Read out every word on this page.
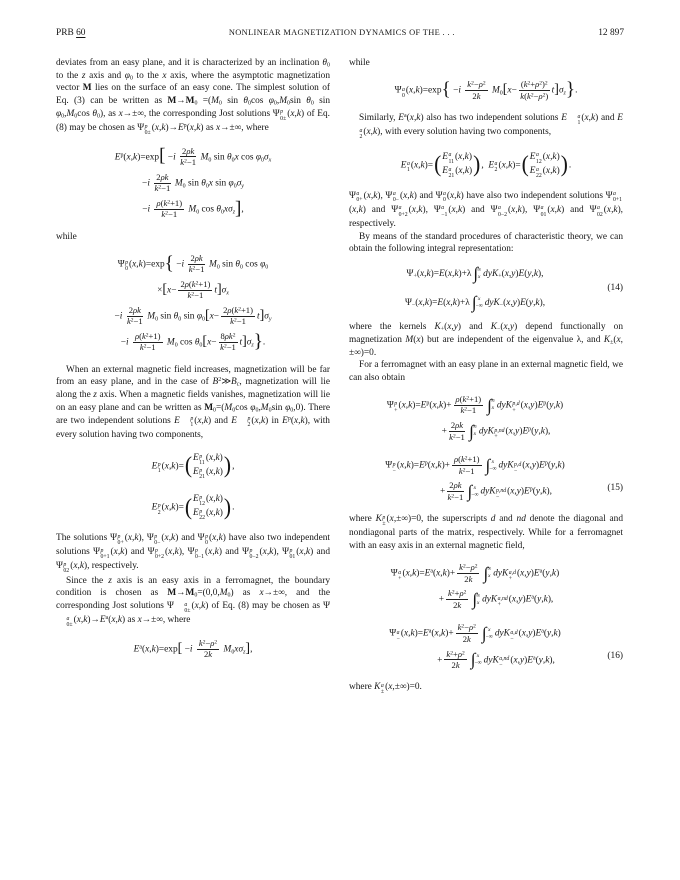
PRB 60	NONLINEAR MAGNETIZATION DYNAMICS OF THE . . .	12 897

deviates from an easy plane, and it is characterized by an inclination $\theta_0$ to the z axis and $\varphi_0$ to the x axis, where the asymptotic magnetization vector M lies on the surface of an easy cone. The simplest solution of Eq. (3) can be written as $M\to M_0 =(M_0$ $\sin \theta_0\cos$ $\varphi_0,M_0\sin$ $\theta_0$ $\sin \varphi_0,M_0\cos$ $\theta_0$), as x→±∞, the corresponding Jost solutions Ψ p
0± (x,k) of Eq. (8) may be chosen as Ψ p
$0\pm (x,k)\to E^p(x,k)$ as x→±∞, where

$E^p(x,k)=\exp[ -i \frac{2\rho k}{k^2-1} M_0$ $\sin \theta_0x$ $\cos \varphi_0\sigma_x$
$-i \frac{2\rho k}{k^2-1} M_0$ $\sin \theta_0x$ $\sin \varphi_0\sigma_y$
$-i \frac{\rho(k^2+1)}{k^2-1} M_0$ $\cos \theta_0x\sigma_z$],

while

Ψ p
0 $(x,k)=\exp\{ -i \frac{2\rho k}{k^2-1} M_0$ $\sin \theta_0$ $\cos \varphi_0$
$\times[x- \frac{2\rho(k^2+1)}{k^2-1} t]\sigma_x$
$-i \frac{2\rho k}{k^2-1} M_0$ $\sin \theta_0$ $\sin \varphi_0[x- \frac{2\rho(k^2+1)}{k^2-1} t]\sigma_y$
$-i \frac{\rho(k^2+1)}{k^2-1} M_0$ $\cos \theta_0[x- \frac{8\rho k^2}{k^2-1} t]\sigma_z$}.

When an external magnetic field increases, magnetization will be far from an easy plane, and in the case of $B^2≫B_c$, magnetization will lie along the z axis. When a magnetic fields vanishes, magnetization will lie on an easy plane and can be written as $M_0=(M_0\cos$ $\varphi_0,M_0\sin$ $\varphi_0,0$). There are two independent solutions E	p
1 (x,k) and E	p
2 (x,k) in $E^p(x,k)$, with every solution having two components,

E p
1 (x,k)= ( E p
11 (x,k)
E p
21 (x,k) ) ,
E p
2 (x,k)= ( E p
12 (x,k)
E p
22 (x,k) ) .

The solutions Ψ p
0+ (x,k), Ψ p
0− (x,k) and Ψ p
0 (x,k) have also two independent solutions Ψ p
0+1 (x,k) and Ψ p
0+2 (x,k), Ψ p
0−1 (x,k) and Ψ p
0−2 (x,k), Ψ p
01 (x,k) and Ψ p
02 (x,k), respectively.

Since the z axis is an easy axis in a ferromagnet, the boundary condition is chosen as $M\to M_0=(0,0,M_0)$ as x→±∞, and the corresponding Jost solutions Ψ	a
0± (x,k) of Eq. (8) may be chosen as Ψ
a
$0\pm (x,k)\to E^a(x,k)$ as x→±∞, where

$E^a(x,k)=\exp[ -i \frac{k^2-\rho^2}{2k} M_0x\sigma_z]$,

while

Ψ a
0 $(x,k)=\exp\{ -i \frac{k^2-\rho^2}{2k} M_0[x- \frac{(k^2+\rho^2)^2}{k(k^2-\rho^2)} t]\sigma_z\}$.

Similarly, $E^a(x,k)$ also has two independent solutions E	a
1 (x,k) and E
a
2 (x,k), with every solution having two components,

E a
1 (x,k)= ( E a
11 (x,k)
E a
21 (x,k) ) ,  E a
2 (x,k)= ( E a
12 (x,k)
E a
22 (x,k) ) .

Ψ a
0+ (x,k), Ψ a
0− (x,k) and Ψ a
0 (x,k) have also two independent solutions Ψ a
0+1
(x,k) and Ψ a
0+2 (x,k), Ψ a
−1 (x,k) and Ψ a
0−2 (x,k), Ψ a
01 (x,k) and Ψ a
02 (x,k), respectively.

By means of the standard procedures of characteristic theory, we can obtain the following integral representation:

$\Psi_+(x,k)=E(x,k)+\lambda$ ∫ ∞
x dyK$_+$(x,y)E(y,k),
$\Psi_-(x,k)=E(x,k)+\lambda$ ∫ x
−∞ dyK$_-$(x,y)E(y,k),
(14)

where the kernels $K_+(x,y)$ and $K_-(x,y)$ depend functionally on magnetization M(x) but are independent of the eigenvalue λ, and $K_\pm(x,\pm\infty)=0$.

For a ferromagnet with an easy plane in an external magnetic field, we can also obtain

Ψ p
+ $(x,k)=E^p(x,k)+ \frac{\rho(k^2+1)}{k^2-1}$ ∫ ∞
x dyK p,d
+ $(x,y)E^p(y,k)$
+ $\frac{2\rho k}{k^2-1}$ ∫ ∞
x dyK p,nd
+ $(x,y)E^p(y,k)$,
Ψ p
− $(x,k)=E^p(x,k)+ \frac{\rho(k^2+1)}{k^2-1}$ ∫ x
−∞ dyK p,d
− $(x,y)E^p(y,k)$
+ $\frac{2\rho k}{k^2-1}$ ∫ x
−∞ dyK p,nd
− $(x,y)E^p(y,k)$,	(15)

where K p
± (x,±∞)=0, the superscripts d and nd denote the diagonal and nondiagonal parts of the matrix, respectively. While for a ferromagnet with an easy axis in an external magnetic field,

Ψ a
+ $(x,k)=E^a(x,k)+ \frac{k^2-\rho^2}{2k}$ ∫ ∞
x dyK a,d
+ $(x,y)E^a(y,k)$
+ $\frac{k^2+\rho^2}{2k}$ ∫ ∞
x dyK a,nd
+ $(x,y)E^a(y,k)$,
Ψ a
− $(x,k)=E^a(x,k)+ \frac{k^2-\rho^2}{2k}$ ∫ x
−∞ dyK a,d
− $(x,y)E^a(y,k)$
+ $\frac{k^2+\rho^2}{2k}$ ∫ x
−∞ dyK a,nd
− $(x,y)E^a(y,k)$,	(16)

where K a
± (x,±∞)=0.
